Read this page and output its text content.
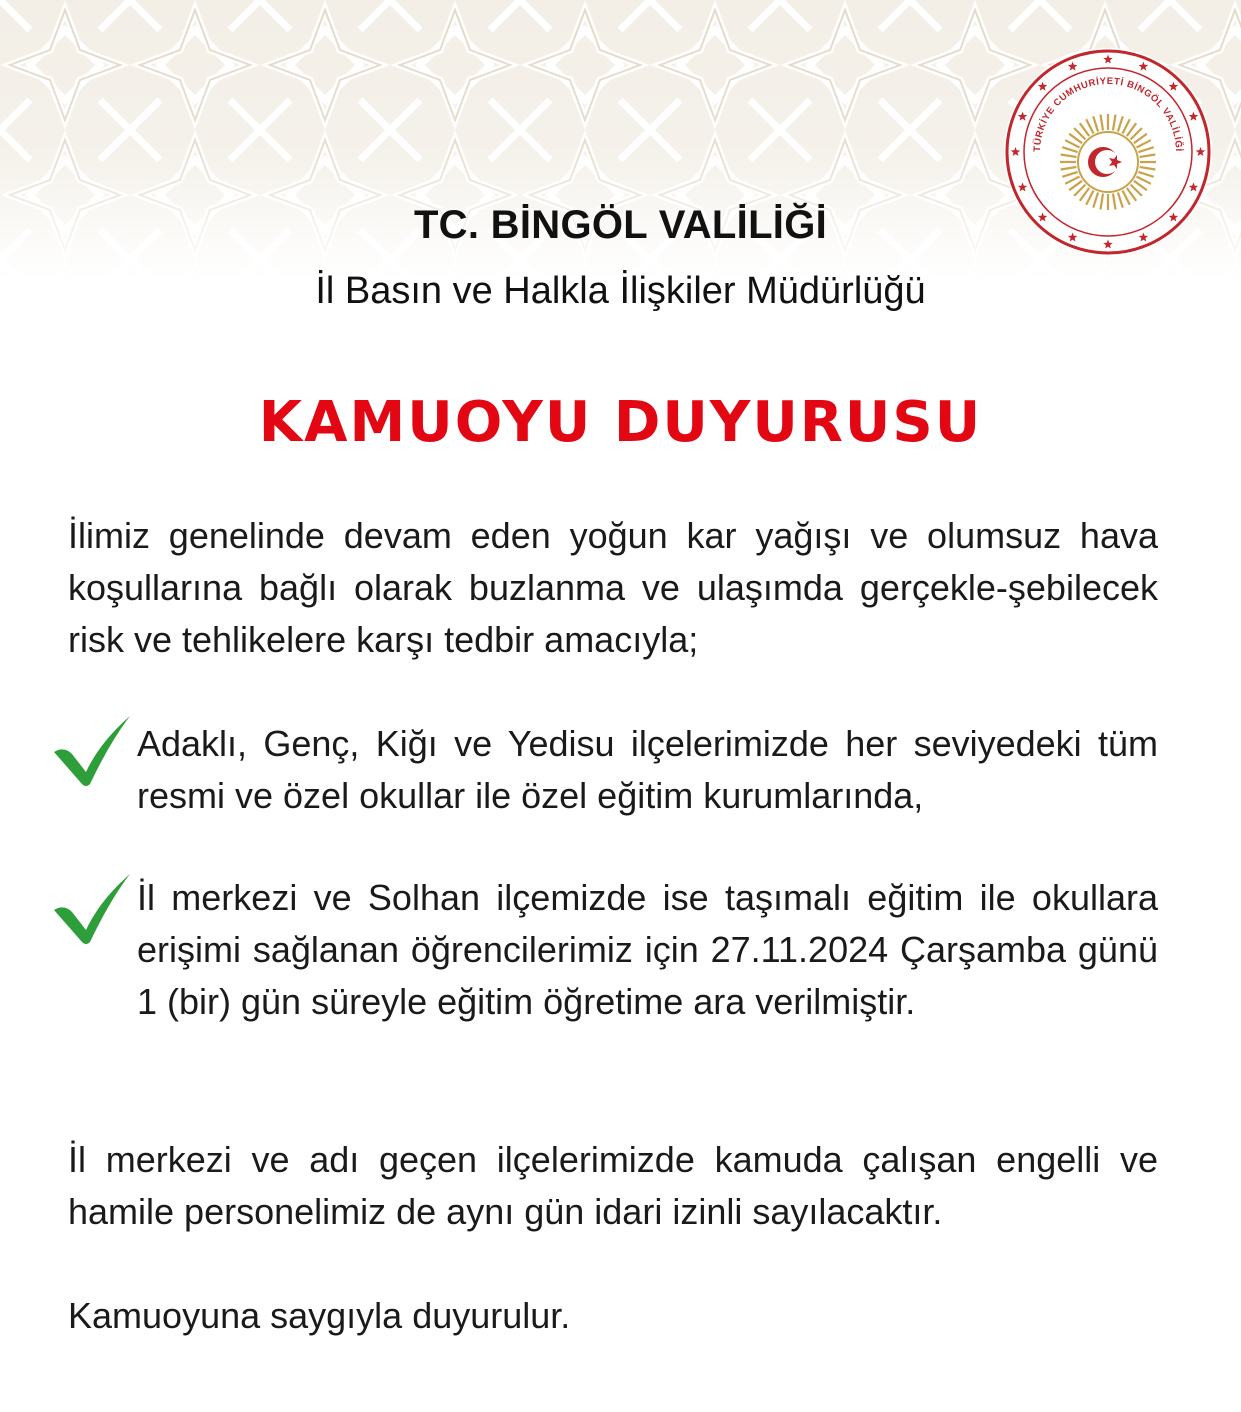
TÜRKİYE CUMHURİYETİ BİNGÖL VALİLİĞİ
TC. BİNGÖL VALİLİĞİ
İl Basın ve Halkla İlişkiler Müdürlüğü
KAMUOYU DUYURUSU
İlimiz genelinde devam eden yoğun kar yağışı ve olumsuz hava koşullarına bağlı olarak buzlanma ve ulaşımda gerçekle-şebilecek risk ve tehlikelere karşı tedbir amacıyla;
Adaklı, Genç, Kiğı ve Yedisu ilçelerimizde her seviyedeki tüm resmi ve özel okullar ile özel eğitim kurumlarında,
İl merkezi ve Solhan ilçemizde ise taşımalı eğitim ile okullara erişimi sağlanan öğrencilerimiz için 27.11.2024 Çarşamba günü 1 (bir) gün süreyle eğitim öğretime ara verilmiştir.
İl merkezi ve adı geçen ilçelerimizde kamuda çalışan engelli ve hamile personelimiz de aynı gün idari izinli sayılacaktır.
Kamuoyuna saygıyla duyurulur.
